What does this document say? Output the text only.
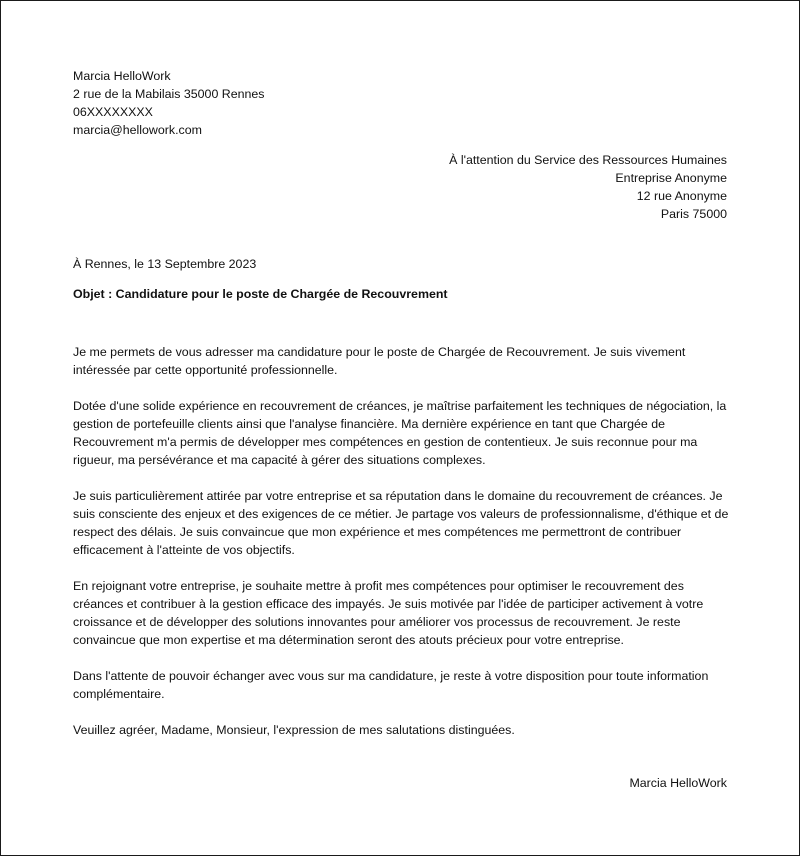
Marcia HelloWork
2 rue de la Mabilais 35000 Rennes
06XXXXXXXX
marcia@hellowork.com
À l'attention du Service des Ressources Humaines
Entreprise Anonyme
12 rue Anonyme
Paris 75000
À Rennes, le 13 Septembre 2023
Objet : Candidature pour le poste de Chargée de Recouvrement

Je me permets de vous adresser ma candidature pour le poste de Chargée de Recouvrement. Je suis vivement intéressée par cette opportunité professionnelle.

Dotée d'une solide expérience en recouvrement de créances, je maîtrise parfaitement les techniques de négociation, la gestion de portefeuille clients ainsi que l'analyse financière. Ma dernière expérience en tant que Chargée de Recouvrement m'a permis de développer mes compétences en gestion de contentieux. Je suis reconnue pour ma rigueur, ma persévérance et ma capacité à gérer des situations complexes.

Je suis particulièrement attirée par votre entreprise et sa réputation dans le domaine du recouvrement de créances. Je suis consciente des enjeux et des exigences de ce métier. Je partage vos valeurs de professionnalisme, d'éthique et de respect des délais. Je suis convaincue que mon expérience et mes compétences me permettront de contribuer efficacement à l'atteinte de vos objectifs.

En rejoignant votre entreprise, je souhaite mettre à profit mes compétences pour optimiser le recouvrement des créances et contribuer à la gestion efficace des impayés. Je suis motivée par l'idée de participer activement à votre croissance et de développer des solutions innovantes pour améliorer vos processus de recouvrement. Je reste convaincue que mon expertise et ma détermination seront des atouts précieux pour votre entreprise.

Dans l'attente de pouvoir échanger avec vous sur ma candidature, je reste à votre disposition pour toute information complémentaire.

Veuillez agréer, Madame, Monsieur, l'expression de mes salutations distinguées.

Marcia HelloWork
